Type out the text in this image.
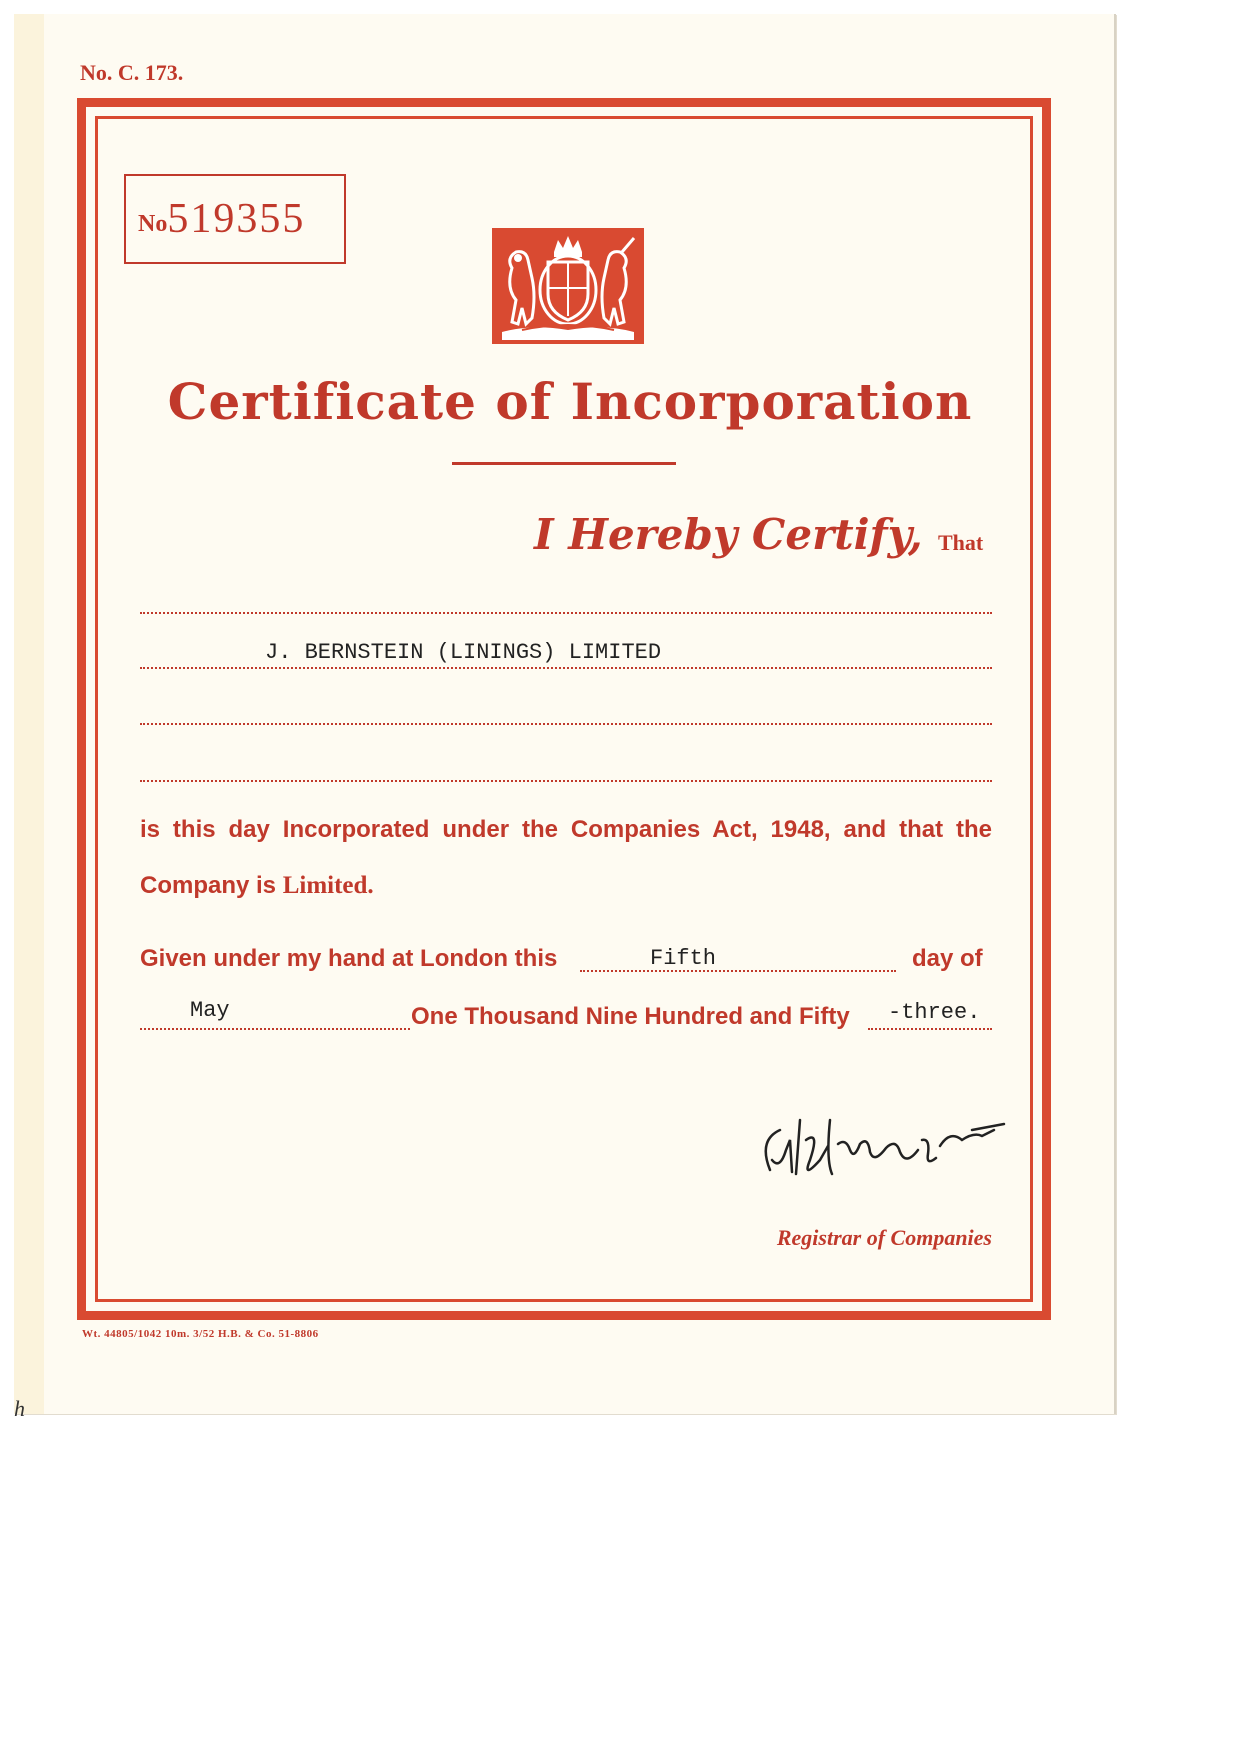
No. C. 173.
No 519355
Certificate of Incorporation
I Hereby Certify, That
J. BERNSTEIN (LININGS) LIMITED
is this day Incorporated under the Companies Act, 1948, and that the
Company is Limited.
Given under my hand at London this	Fifth	day of
May	One Thousand Nine Hundred and Fifty -three.
Registrar of Companies
Wt. 44805/1042 10m. 3/52 H.B. & Co. 51-8806
h
